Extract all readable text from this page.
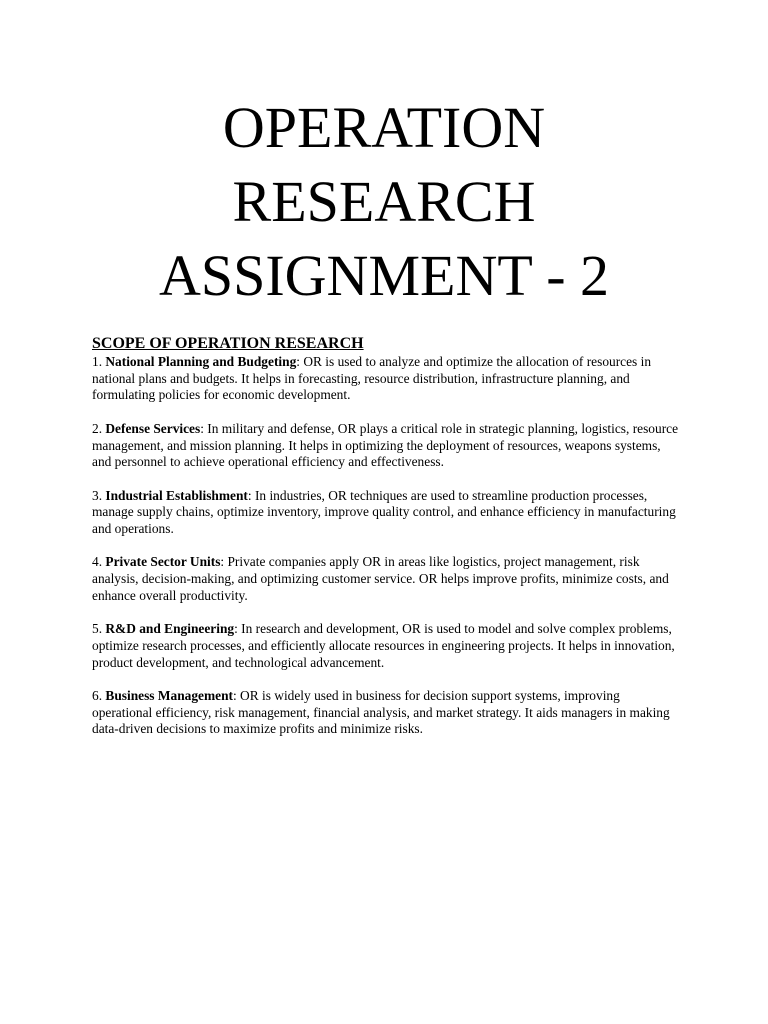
OPERATION
RESEARCH
ASSIGNMENT - 2

SCOPE OF OPERATION RESEARCH

1. National Planning and Budgeting: OR is used to analyze and optimize the allocation of resources in national plans and budgets. It helps in forecasting, resource distribution, infrastructure planning, and formulating policies for economic development.

2. Defense Services: In military and defense, OR plays a critical role in strategic planning, logistics, resource management, and mission planning. It helps in optimizing the deployment of resources, weapons systems, and personnel to achieve operational efficiency and effectiveness.

3. Industrial Establishment: In industries, OR techniques are used to streamline production processes, manage supply chains, optimize inventory, improve quality control, and enhance efficiency in manufacturing and operations.

4. Private Sector Units: Private companies apply OR in areas like logistics, project management, risk analysis, decision-making, and optimizing customer service. OR helps improve profits, minimize costs, and enhance overall productivity.

5. R&D and Engineering: In research and development, OR is used to model and solve complex problems, optimize research processes, and efficiently allocate resources in engineering projects. It helps in innovation, product development, and technological advancement.

6. Business Management: OR is widely used in business for decision support systems, improving operational efficiency, risk management, financial analysis, and market strategy. It aids managers in making data-driven decisions to maximize profits and minimize risks.
